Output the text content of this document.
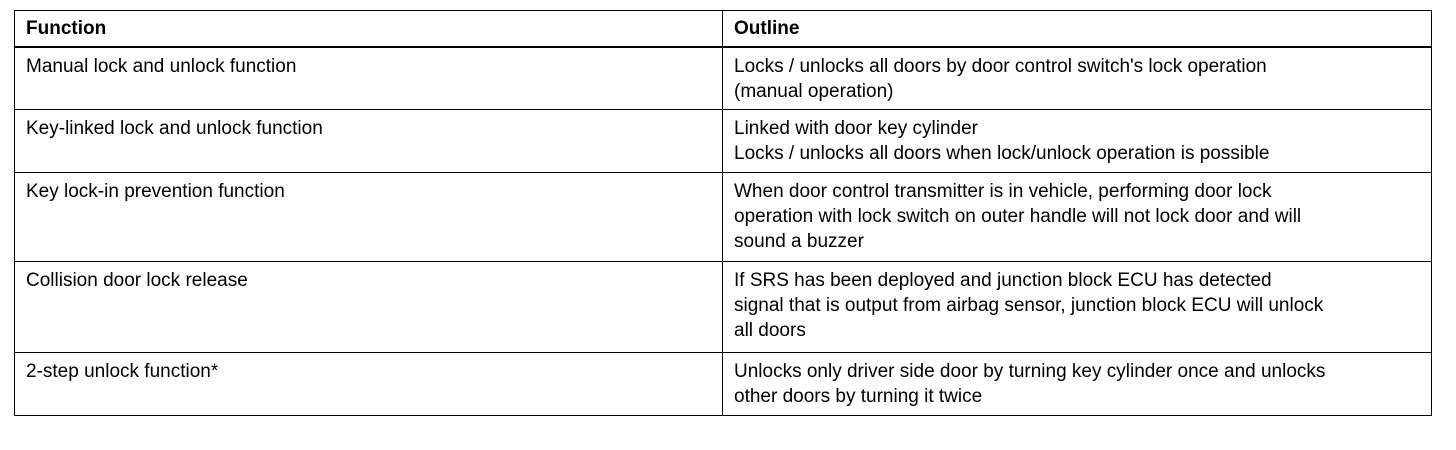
Function	Outline
Manual lock and unlock function	Locks / unlocks all doors by door control switch's lock operation
(manual operation)

Key-linked lock and unlock function	Linked with door key cylinder
Locks / unlocks all doors when lock/unlock operation is possible

Key lock-in prevention function	When door control transmitter is in vehicle, performing door lock
operation with lock switch on outer handle will not lock door and will
sound a buzzer

Collision door lock release	If SRS has been deployed and junction block ECU has detected
signal that is output from airbag sensor, junction block ECU will unlock
all doors

2-step unlock function*	Unlocks only driver side door by turning key cylinder once and unlocks
other doors by turning it twice
